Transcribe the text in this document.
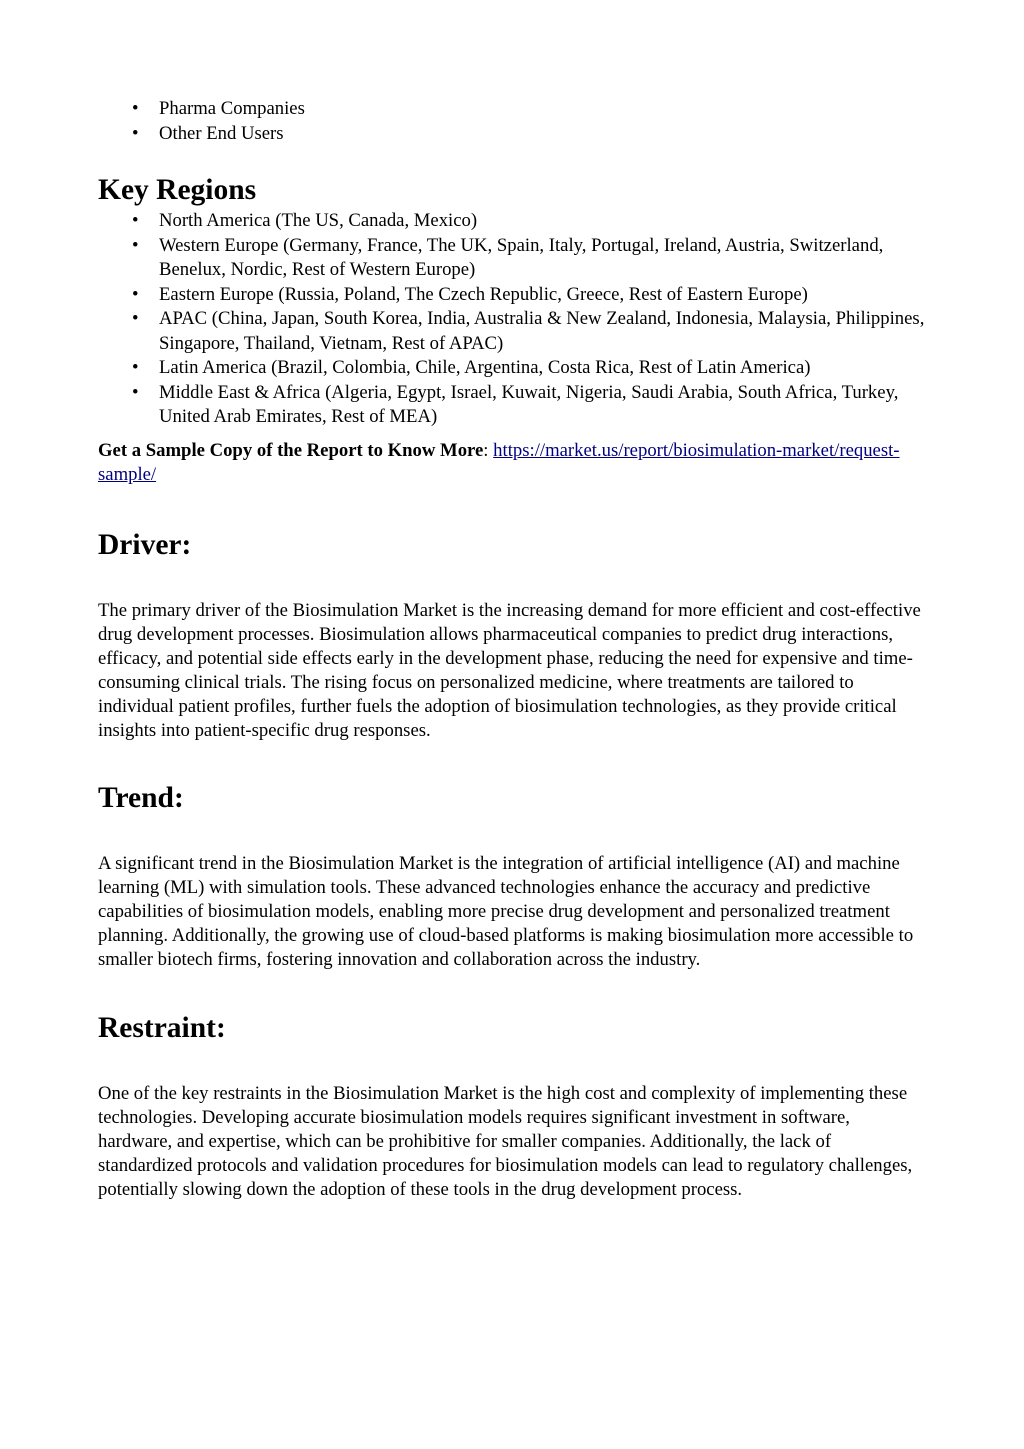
• Pharma Companies
• Other End Users
Key Regions
• North America (The US, Canada, Mexico)
• Western Europe (Germany, France, The UK, Spain, Italy, Portugal, Ireland, Austria, Switzerland, Benelux, Nordic, Rest of Western Europe)
• Eastern Europe (Russia, Poland, The Czech Republic, Greece, Rest of Eastern Europe)
• APAC (China, Japan, South Korea, India, Australia & New Zealand, Indonesia, Malaysia, Philippines, Singapore, Thailand, Vietnam, Rest of APAC)
• Latin America (Brazil, Colombia, Chile, Argentina, Costa Rica, Rest of Latin America)
• Middle East & Africa (Algeria, Egypt, Israel, Kuwait, Nigeria, Saudi Arabia, South Africa, Turkey, United Arab Emirates, Rest of MEA)
Get a Sample Copy of the Report to Know More: https://market.us/report/biosimulation-market/request-sample/
Driver:

The primary driver of the Biosimulation Market is the increasing demand for more efficient and cost-effective drug development processes. Biosimulation allows pharmaceutical companies to predict drug interactions, efficacy, and potential side effects early in the development phase, reducing the need for expensive and time-consuming clinical trials. The rising focus on personalized medicine, where treatments are tailored to individual patient profiles, further fuels the adoption of biosimulation technologies, as they provide critical insights into patient-specific drug responses.

Trend:

A significant trend in the Biosimulation Market is the integration of artificial intelligence (AI) and machine learning (ML) with simulation tools. These advanced technologies enhance the accuracy and predictive capabilities of biosimulation models, enabling more precise drug development and personalized treatment planning. Additionally, the growing use of cloud-based platforms is making biosimulation more accessible to smaller biotech firms, fostering innovation and collaboration across the industry.

Restraint:

One of the key restraints in the Biosimulation Market is the high cost and complexity of implementing these technologies. Developing accurate biosimulation models requires significant investment in software, hardware, and expertise, which can be prohibitive for smaller companies. Additionally, the lack of standardized protocols and validation procedures for biosimulation models can lead to regulatory challenges, potentially slowing down the adoption of these tools in the drug development process.
